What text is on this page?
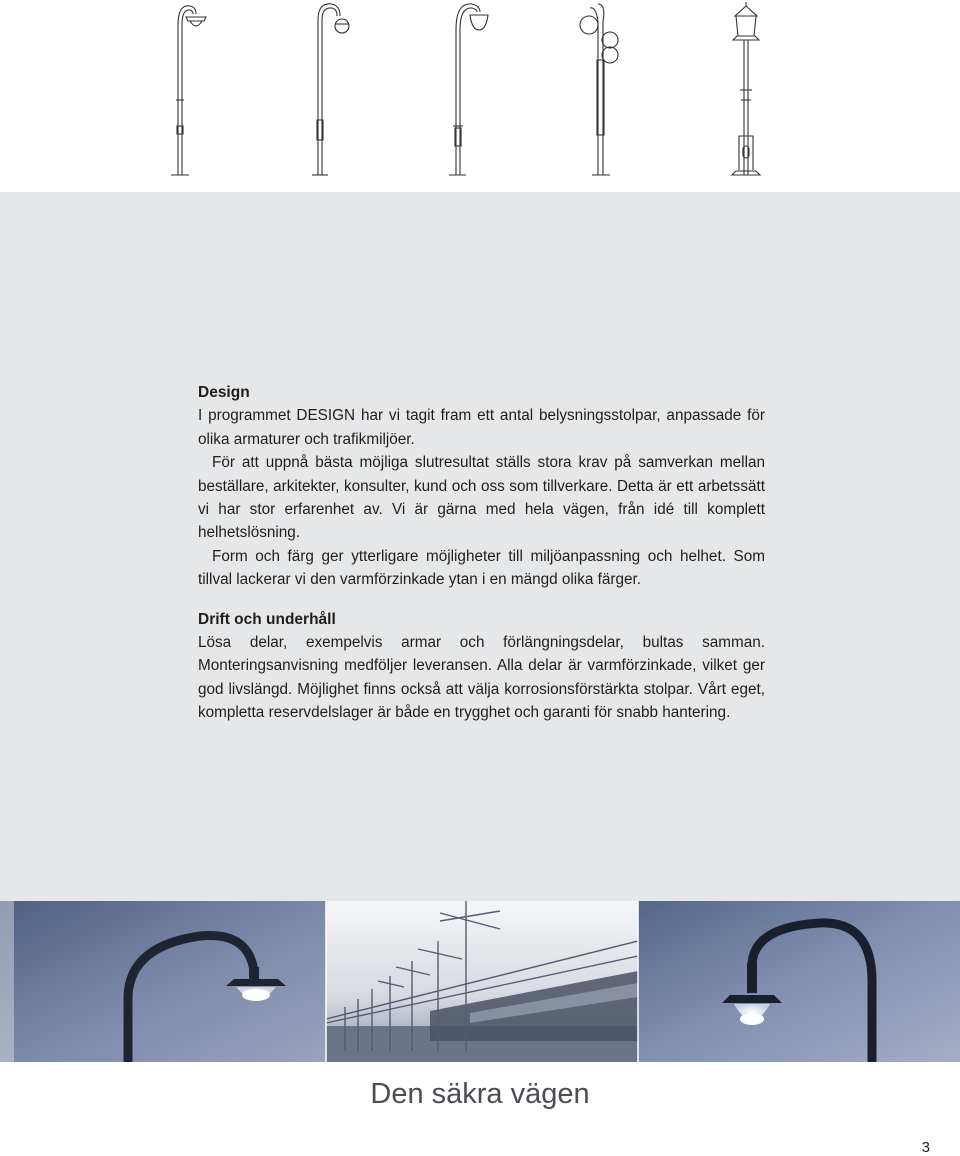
Design

I programmet DESIGN har vi tagit fram ett antal belysningsstolpar, anpassade för olika armaturer och trafikmiljöer.

För att uppnå bästa möjliga slutresultat ställs stora krav på samverkan mellan beställare, arkitekter, konsulter, kund och oss som tillverkare. Detta är ett arbetssätt vi har stor erfarenhet av. Vi är gärna med hela vägen, från idé till komplett helhetslösning.

Form och färg ger ytterligare möjligheter till miljöanpassning och helhet. Som tillval lackerar vi den varmförzinkade ytan i en mängd olika färger.

Drift och underhåll

Lösa delar, exempelvis armar och förlängningsdelar, bultas samman. Monteringsanvisning medföljer leveransen. Alla delar är varmförzinkade, vilket ger god livslängd. Möjlighet finns också att välja korrosionsförstärkta stolpar. Vårt eget, kompletta reservdelslager är både en trygghet och garanti för snabb hantering.

Den säkra vägen
3
